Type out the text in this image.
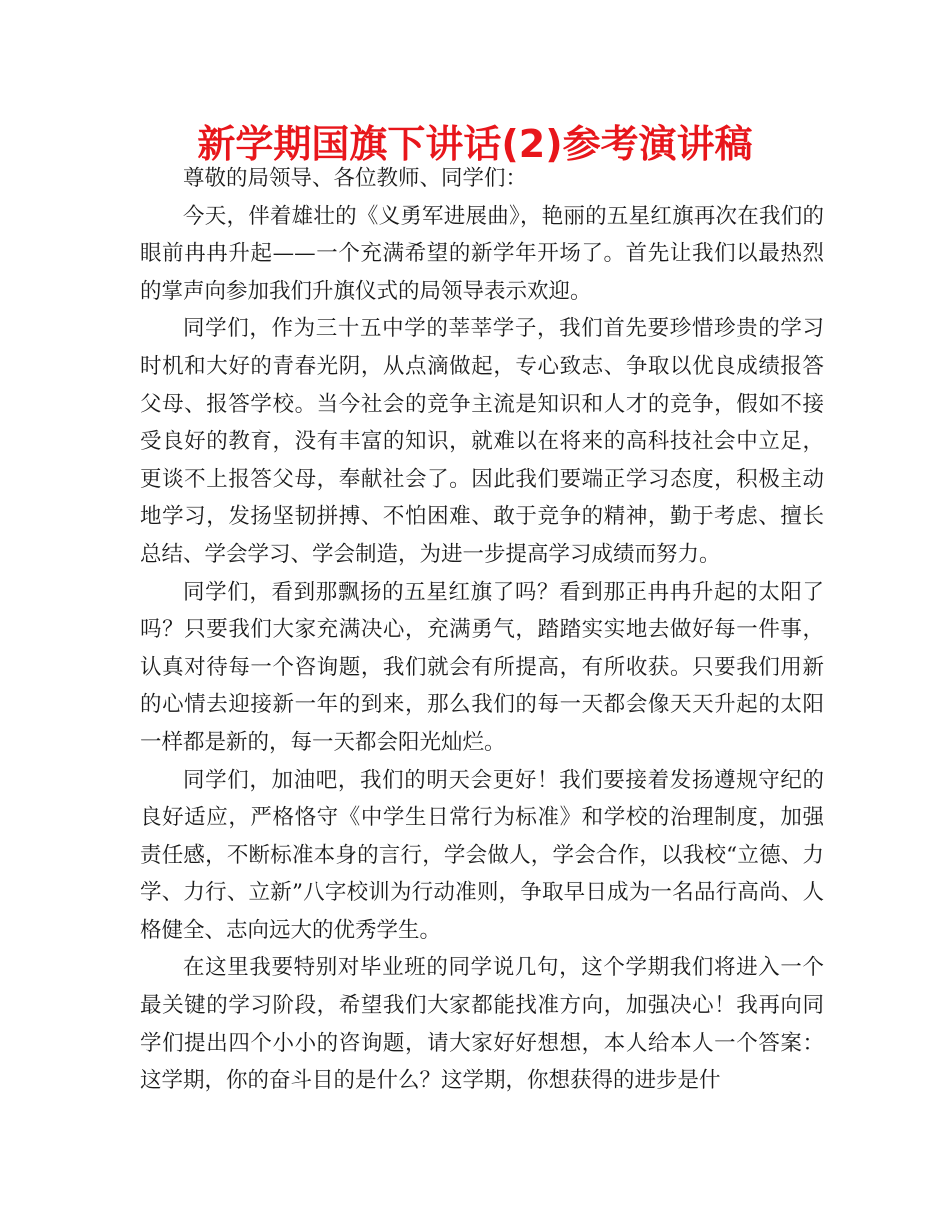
新学期国旗下讲话(2)参考演讲稿

尊敬的局领导、各位教师、同学们：

今天，伴着雄壮的《义勇军进展曲》，艳丽的五星红旗再次在我们的眼前冉冉升起——一个充满希望的新学年开场了。首先让我们以最热烈的掌声向参加我们升旗仪式的局领导表示欢迎。

同学们，作为三十五中学的莘莘学子，我们首先要珍惜珍贵的学习时机和大好的青春光阴，从点滴做起，专心致志、争取以优良成绩报答父母、报答学校。当今社会的竞争主流是知识和人才的竞争，假如不接受良好的教育，没有丰富的知识，就难以在将来的高科技社会中立足，更谈不上报答父母，奉献社会了。因此我们要端正学习态度，积极主动地学习，发扬坚韧拼搏、不怕困难、敢于竞争的精神，勤于考虑、擅长总结、学会学习、学会制造，为进一步提高学习成绩而努力。

同学们，看到那飘扬的五星红旗了吗？看到那正冉冉升起的太阳了吗？只要我们大家充满决心，充满勇气，踏踏实实地去做好每一件事，认真对待每一个咨询题，我们就会有所提高，有所收获。只要我们用新的心情去迎接新一年的到来，那么我们的每一天都会像天天升起的太阳一样都是新的，每一天都会阳光灿烂。

同学们，加油吧，我们的明天会更好！我们要接着发扬遵规守纪的良好适应，严格恪守《中学生日常行为标准》和学校的治理制度，加强责任感，不断标准本身的言行，学会做人，学会合作，以我校“立德、力学、力行、立新”八字校训为行动准则，争取早日成为一名品行高尚、人格健全、志向远大的优秀学生。

在这里我要特别对毕业班的同学说几句，这个学期我们将进入一个最关键的学习阶段，希望我们大家都能找准方向，加强决心！我再向同学们提出四个小小的咨询题，请大家好好想想，本人给本人一个答案：这学期，你的奋斗目的是什么？这学期，你想获得的进步是什
